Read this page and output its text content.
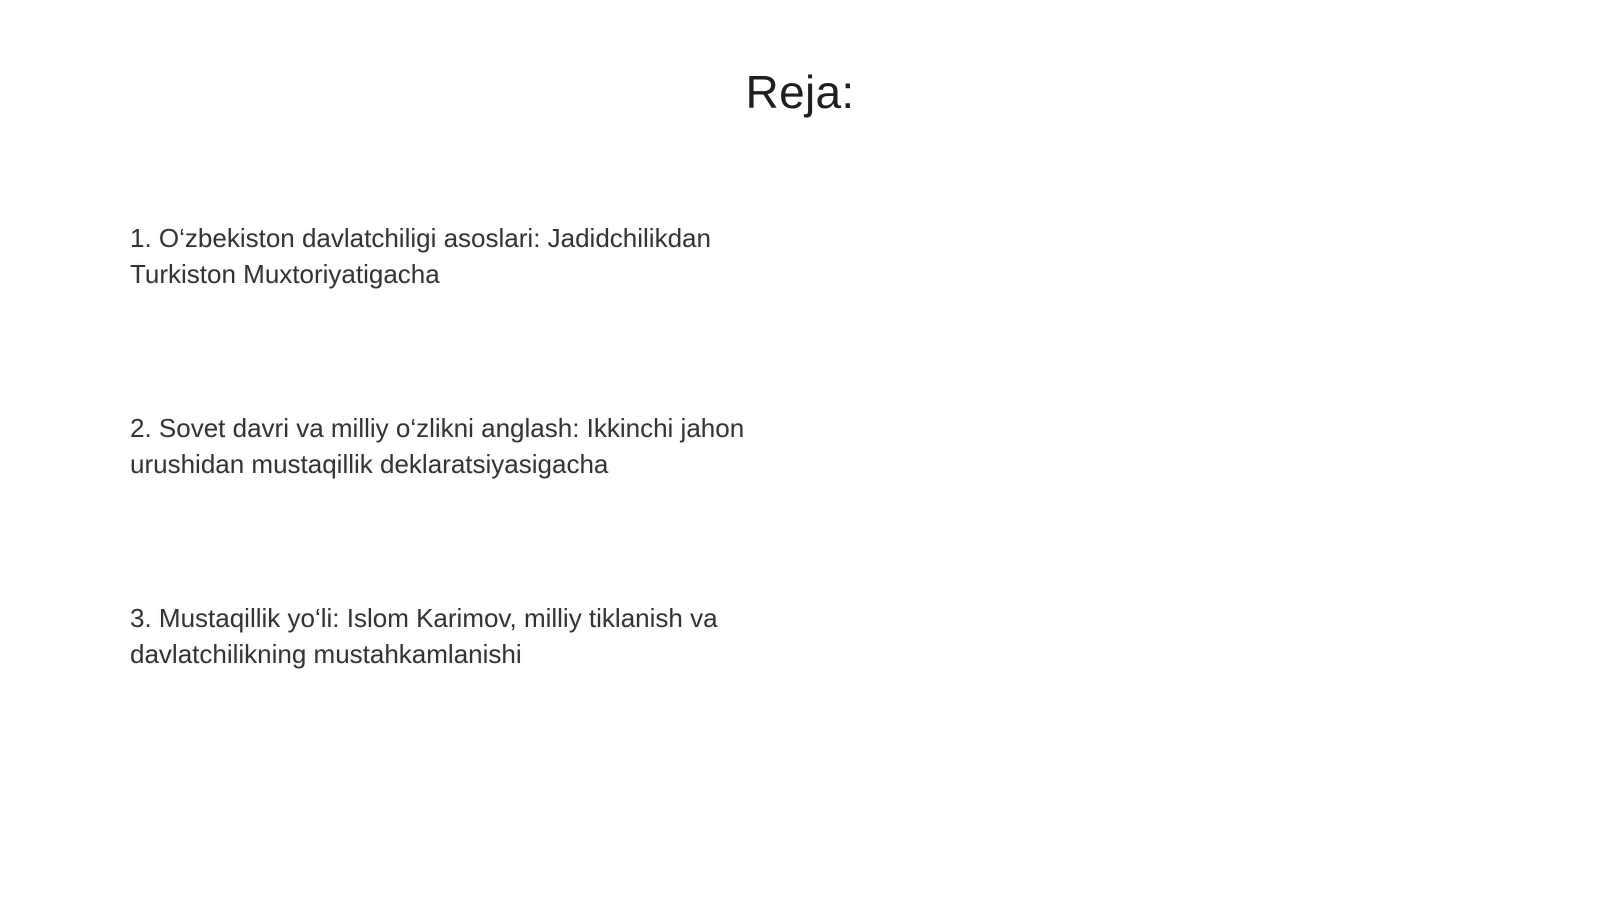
Reja:
1. O‘zbekiston davlatchiligi asoslari: Jadidchilikdan Turkiston Muxtoriyatigacha
2. Sovet davri va milliy o‘zlikni anglash: Ikkinchi jahon urushidan mustaqillik deklaratsiyasigacha
3. Mustaqillik yo‘li: Islom Karimov, milliy tiklanish va davlatchilikning mustahkamlanishi
